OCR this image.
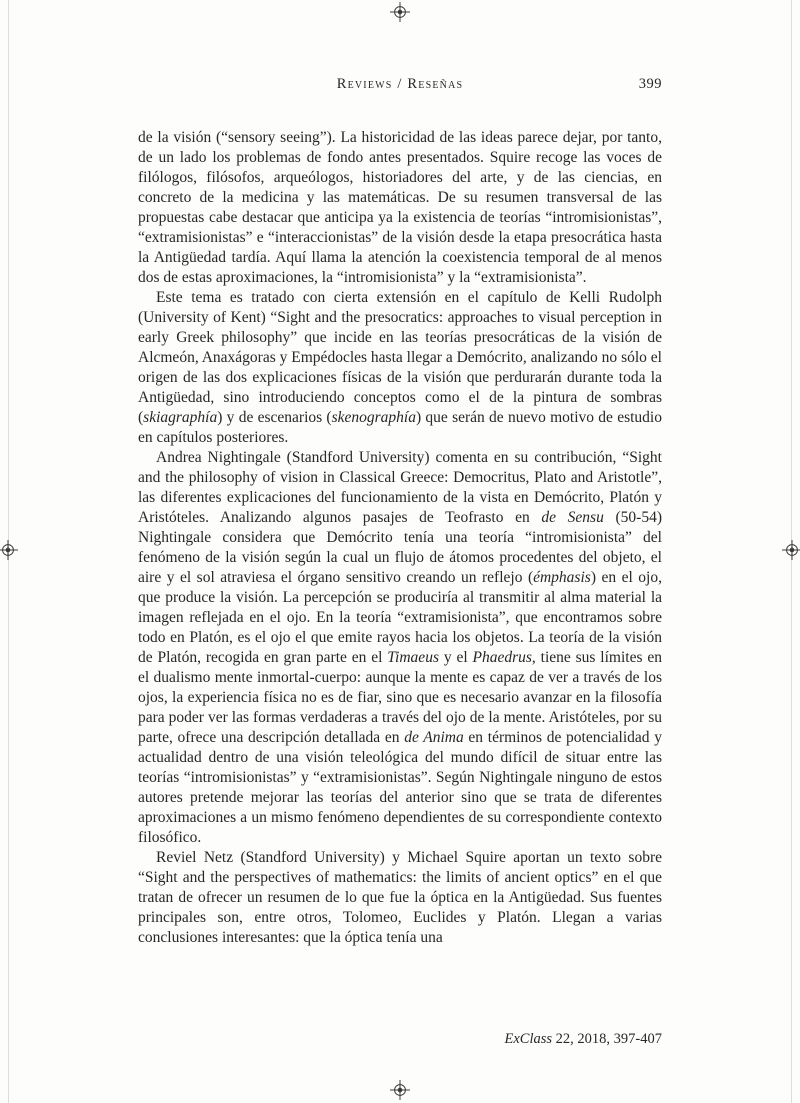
Reviews / Reseñas	399

de la visión (“sensory seeing”). La historicidad de las ideas parece dejar, por tanto, de un lado los problemas de fondo antes presentados. Squire recoge las voces de filólogos, filósofos, arqueólogos, historiadores del arte, y de las ciencias, en concreto de la medicina y las matemáticas. De su resumen transversal de las propuestas cabe destacar que anticipa ya la existencia de teorías “intromisionistas”, “extramisionistas” e “interaccionistas” de la visión desde la etapa presocrática hasta la Antigüedad tardía. Aquí llama la atención la coexistencia temporal de al menos dos de estas aproximaciones, la “intromisionista” y la “extramisionista”.

Este tema es tratado con cierta extensión en el capítulo de Kelli Rudolph (University of Kent) “Sight and the presocratics: approaches to visual perception in early Greek philosophy” que incide en las teorías presocráticas de la visión de Alcmeón, Anaxágoras y Empédocles hasta llegar a Demócrito, analizando no sólo el origen de las dos explicaciones físicas de la visión que perdurarán durante toda la Antigüedad, sino introduciendo conceptos como el de la pintura de sombras (skiagraphía) y de escenarios (skenographía) que serán de nuevo motivo de estudio en capítulos posteriores.

Andrea Nightingale (Standford University) comenta en su contribución, “Sight and the philosophy of vision in Classical Greece: Democritus, Plato and Aristotle”, las diferentes explicaciones del funcionamiento de la vista en Demócrito, Platón y Aristóteles. Analizando algunos pasajes de Teofrasto en de Sensu (50-54) Nightingale considera que Demócrito tenía una teoría “intromisionista” del fenómeno de la visión según la cual un flujo de átomos procedentes del objeto, el aire y el sol atraviesa el órgano sensitivo creando un reflejo (émphasis) en el ojo, que produce la visión. La percepción se produciría al transmitir al alma material la imagen reflejada en el ojo. En la teoría “extramisionista”, que encontramos sobre todo en Platón, es el ojo el que emite rayos hacia los objetos. La teoría de la visión de Platón, recogida en gran parte en el Timaeus y el Phaedrus, tiene sus límites en el dualismo mente inmortal-cuerpo: aunque la mente es capaz de ver a través de los ojos, la experiencia física no es de fiar, sino que es necesario avanzar en la filosofía para poder ver las formas verdaderas a través del ojo de la mente. Aristóteles, por su parte, ofrece una descripción detallada en de Anima en términos de potencialidad y actualidad dentro de una visión teleológica del mundo difícil de situar entre las teorías “intromisionistas” y “extramisionistas”. Según Nightingale ninguno de estos autores pretende mejorar las teorías del anterior sino que se trata de diferentes aproximaciones a un mismo fenómeno dependientes de su correspondiente contexto filosófico.

Reviel Netz (Standford University) y Michael Squire aportan un texto sobre “Sight and the perspectives of mathematics: the limits of ancient optics” en el que tratan de ofrecer un resumen de lo que fue la óptica en la Antigüedad. Sus fuentes principales son, entre otros, Tolomeo, Euclides y Platón. Llegan a varias conclusiones interesantes: que la óptica tenía una

ExClass 22, 2018, 397-407
